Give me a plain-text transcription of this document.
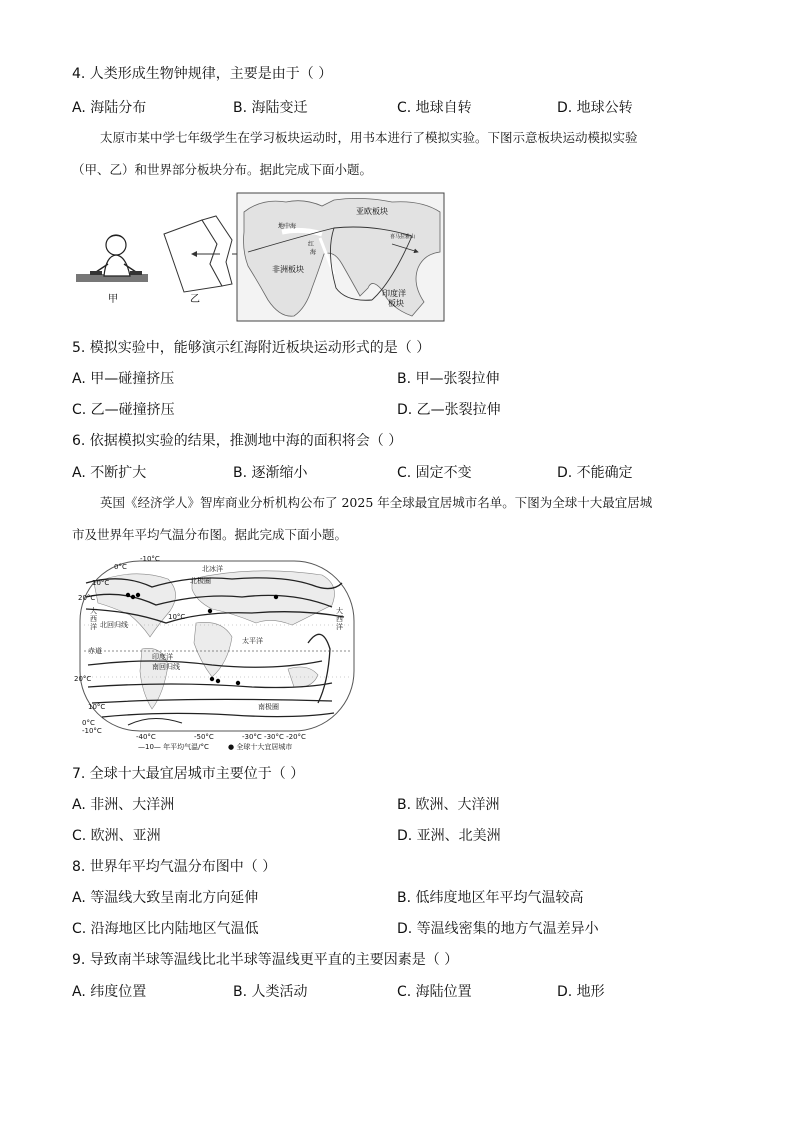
4. 人类形成生物钟规律，主要是由于（ ）
A. 海陆分布	B. 海陆变迁	C. 地球自转	D. 地球公转
太原市某中学七年级学生在学习板块运动时，用书本进行了模拟实验。下图示意板块运动模拟实验
（甲、乙）和世界部分板块分布。据此完成下面小题。
甲	乙
亚欧板块
非洲板块
印度洋
板块
地中海
红
海
喜马拉雅山
5. 模拟实验中，能够演示红海附近板块运动形式的是（ ）
A. 甲—碰撞挤压	B. 甲—张裂拉伸
C. 乙—碰撞挤压	D. 乙—张裂拉伸
6. 依据模拟实验的结果，推测地中海的面积将会（ ）
A. 不断扩大	B. 逐渐缩小	C. 固定不变	D. 不能确定
英国《经济学人》智库商业分析机构公布了 2025 年全球最宜居城市名单。下图为全球十大最宜居城
市及世界年平均气温分布图。据此完成下面小题。
-10°C
0°C
10°C
20°C
北冰洋
北极圈
大
西
洋 北回归线
10°C
太平洋
大
西
洋
赤道
印度洋
南回归线
20°C
10°C	南极圈
0°C
-10°C
-40°C	-50°C	-30°C -30°C -20°C
—10— 年平均气温/°C	● 全球十大宜居城市
7. 全球十大最宜居城市主要位于（ ）
A. 非洲、大洋洲	B. 欧洲、大洋洲
C. 欧洲、亚洲	D. 亚洲、北美洲
8. 世界年平均气温分布图中（ ）
A. 等温线大致呈南北方向延伸	B. 低纬度地区年平均气温较高
C. 沿海地区比内陆地区气温低	D. 等温线密集的地方气温差异小
9. 导致南半球等温线比北半球等温线更平直的主要因素是（ ）
A. 纬度位置	B. 人类活动	C. 海陆位置	D. 地形
